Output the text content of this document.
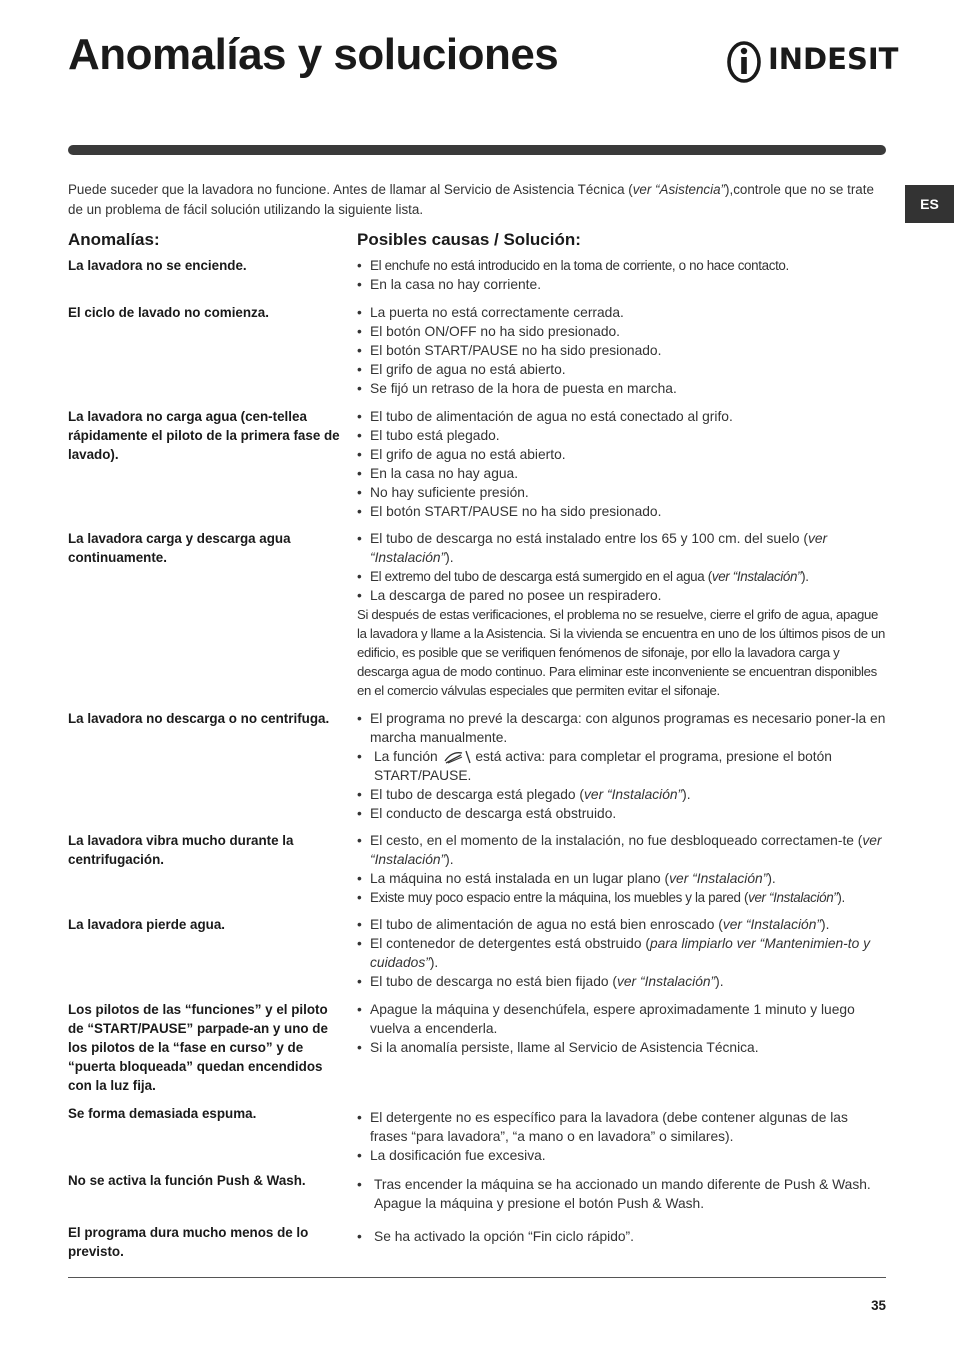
Anomalías y soluciones	INDESIT
ES

Puede suceder que la lavadora no funcione. Antes de llamar al Servicio de Asistencia Técnica (ver “Asistencia”),controle que no se trate de un problema de fácil solución utilizando la siguiente lista.

Anomalías:	Posibles causas / Solución:

La lavadora no se enciende.	• El enchufe no está introducido en la toma de corriente, o no hace contacto.
• En la casa no hay corriente.

El ciclo de lavado no comienza.	• La puerta no está correctamente cerrada.
• El botón ON/OFF no ha sido presionado.
• El botón START/PAUSE no ha sido presionado.
• El grifo de agua no está abierto.
• Se fijó un retraso de la hora de puesta en marcha.

La lavadora no carga agua (cen-tellea rápidamente el piloto de la primera fase de lavado).

• El tubo de alimentación de agua no está conectado al grifo.
• El tubo está plegado.
• El grifo de agua no está abierto.
• En la casa no hay agua.
• No hay suficiente presión.
• El botón START/PAUSE no ha sido presionado.

La lavadora carga y descarga agua continuamente.

• El tubo de descarga no está instalado entre los 65 y 100 cm. del suelo (ver “Instalación”).
• El extremo del tubo de descarga está sumergido en el agua (ver “Instalación”).
• La descarga de pared no posee un respiradero.

Si después de estas verificaciones, el problema no se resuelve, cierre el grifo de agua, apague la lavadora y llame a la Asistencia. Si la vivienda se encuentra en uno de los últimos pisos de un edificio, es posible que se verifiquen fenómenos de sifonaje, por ello la lavadora carga y descarga agua de modo continuo. Para eliminar este inconveniente se encuentran disponibles en el comercio válvulas especiales que permiten evitar el sifonaje.

La lavadora no descarga o no centrifuga.	• El programa no prevé la descarga: con algunos programas es necesario poner-la en marcha manualmente.
• La función	está activa: para completar el programa, presione el botón START/PAUSE.
• El tubo de descarga está plegado (ver “Instalación”).
• El conducto de descarga está obstruido.

La lavadora vibra mucho durante la centrifugación.

• El cesto, en el momento de la instalación, no fue desbloqueado correctamen-te (ver “Instalación”).
• La máquina no está instalada en un lugar plano (ver “Instalación”).
• Existe muy poco espacio entre la máquina, los muebles y la pared (ver “Instalación”).

La lavadora pierde agua.	• El tubo de alimentación de agua no está bien enroscado (ver “Instalación”).
• El contenedor de detergentes está obstruido (para limpiarlo ver “Mantenimien-to y cuidados”).
• El tubo de descarga no está bien fijado (ver “Instalación”).

Los pilotos de las “funciones” y el piloto de “START/PAUSE” parpade-an y uno de los pilotos de la “fase en curso” y de “puerta bloqueada” quedan encendidos con la luz fija.

• Apague la máquina y desenchúfela, espere aproximadamente 1 minuto y luego vuelva a encenderla.
• Si la anomalía persiste, llame al Servicio de Asistencia Técnica.

Se forma demasiada espuma.	• El detergente no es específico para la lavadora (debe contener algunas de las frases “para lavadora”, “a mano o en lavadora” o similares).
• La dosificación fue excesiva.

No se activa la función Push & Wash.	• Tras encender la máquina se ha accionado un mando diferente de Push & Wash. Apague la máquina y presione el botón Push & Wash.

El programa dura mucho menos de lo previsto.

• Se ha activado la opción “Fin ciclo rápido”.
35
